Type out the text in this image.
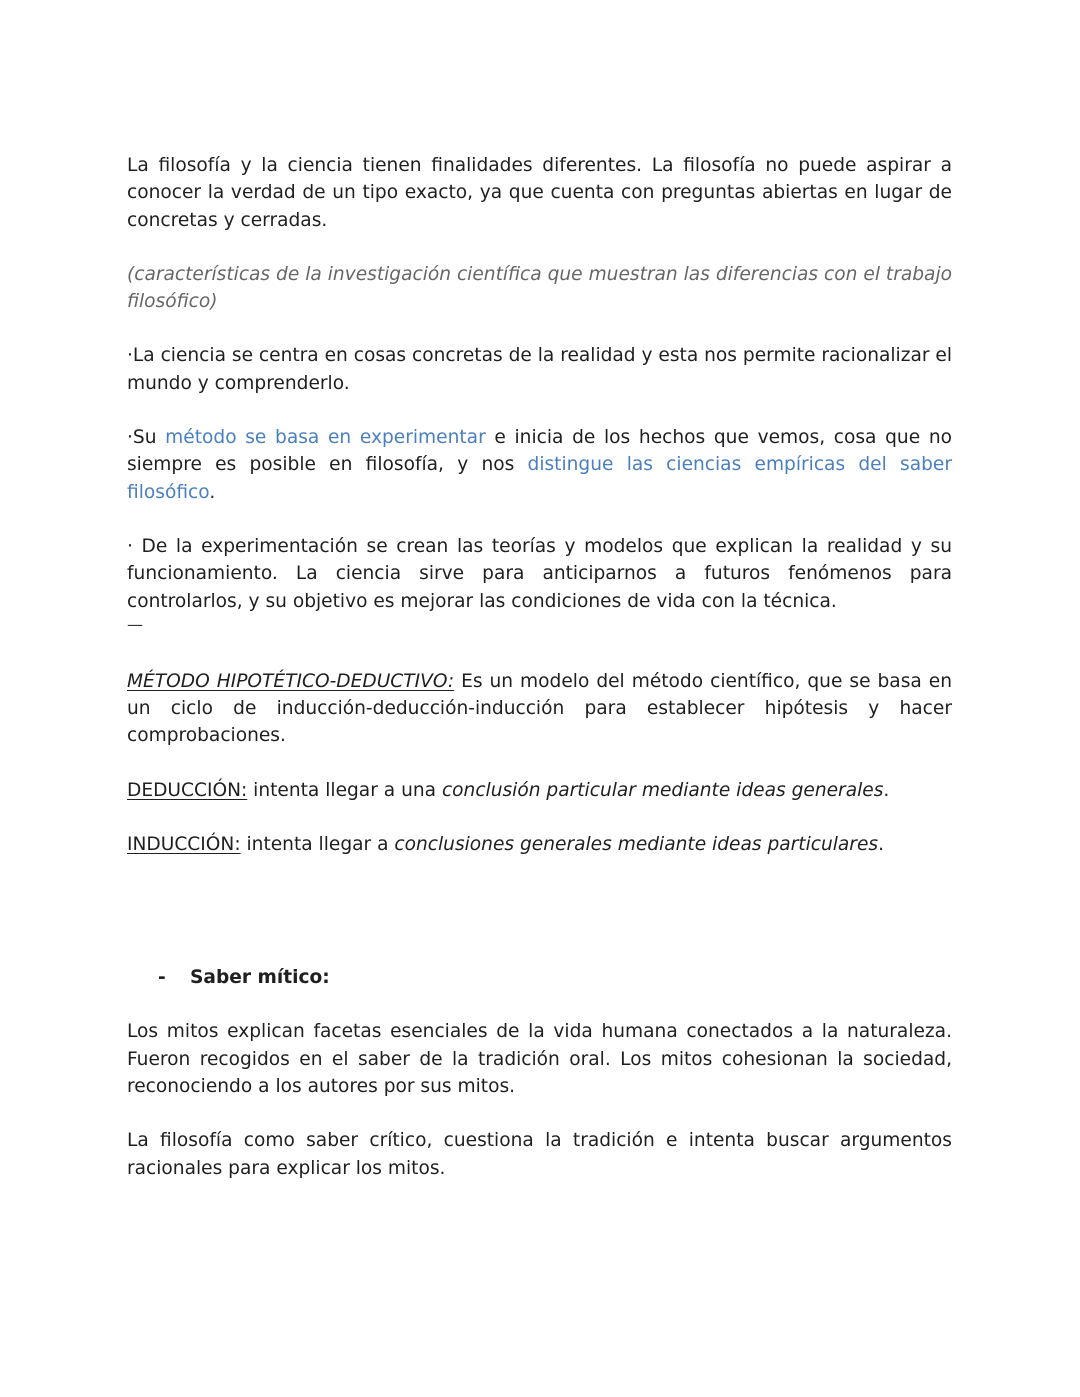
La filosofía y la ciencia tienen finalidades diferentes. La filosofía no puede aspirar a conocer la verdad de un tipo exacto, ya que cuenta con preguntas abiertas en lugar de concretas y cerradas.

(características de la investigación científica que muestran las diferencias con el trabajo filosófico)

·La ciencia se centra en cosas concretas de la realidad y esta nos permite racionalizar el mundo y comprenderlo.

·Su método se basa en experimentar e inicia de los hechos que vemos, cosa que no siempre es posible en filosofía, y nos distingue las ciencias empíricas del saber filosófico.

· De la experimentación se crean las teorías y modelos que explican la realidad y su funcionamiento. La ciencia sirve para anticiparnos a futuros fenómenos para controlarlos, y su objetivo es mejorar las condiciones de vida con la técnica.

—

MÉTODO HIPOTÉTICO-DEDUCTIVO: Es un modelo del método científico, que se basa en un ciclo de inducción-deducción-inducción para establecer hipótesis y hacer comprobaciones.

DEDUCCIÓN: intenta llegar a una conclusión particular mediante ideas generales.

INDUCCIÓN: intenta llegar a conclusiones generales mediante ideas particulares.

- Saber mítico:

Los mitos explican facetas esenciales de la vida humana conectados a la naturaleza. Fueron recogidos en el saber de la tradición oral. Los mitos cohesionan la sociedad, reconociendo a los autores por sus mitos.

La filosofía como saber crítico, cuestiona la tradición e intenta buscar argumentos racionales para explicar los mitos.
